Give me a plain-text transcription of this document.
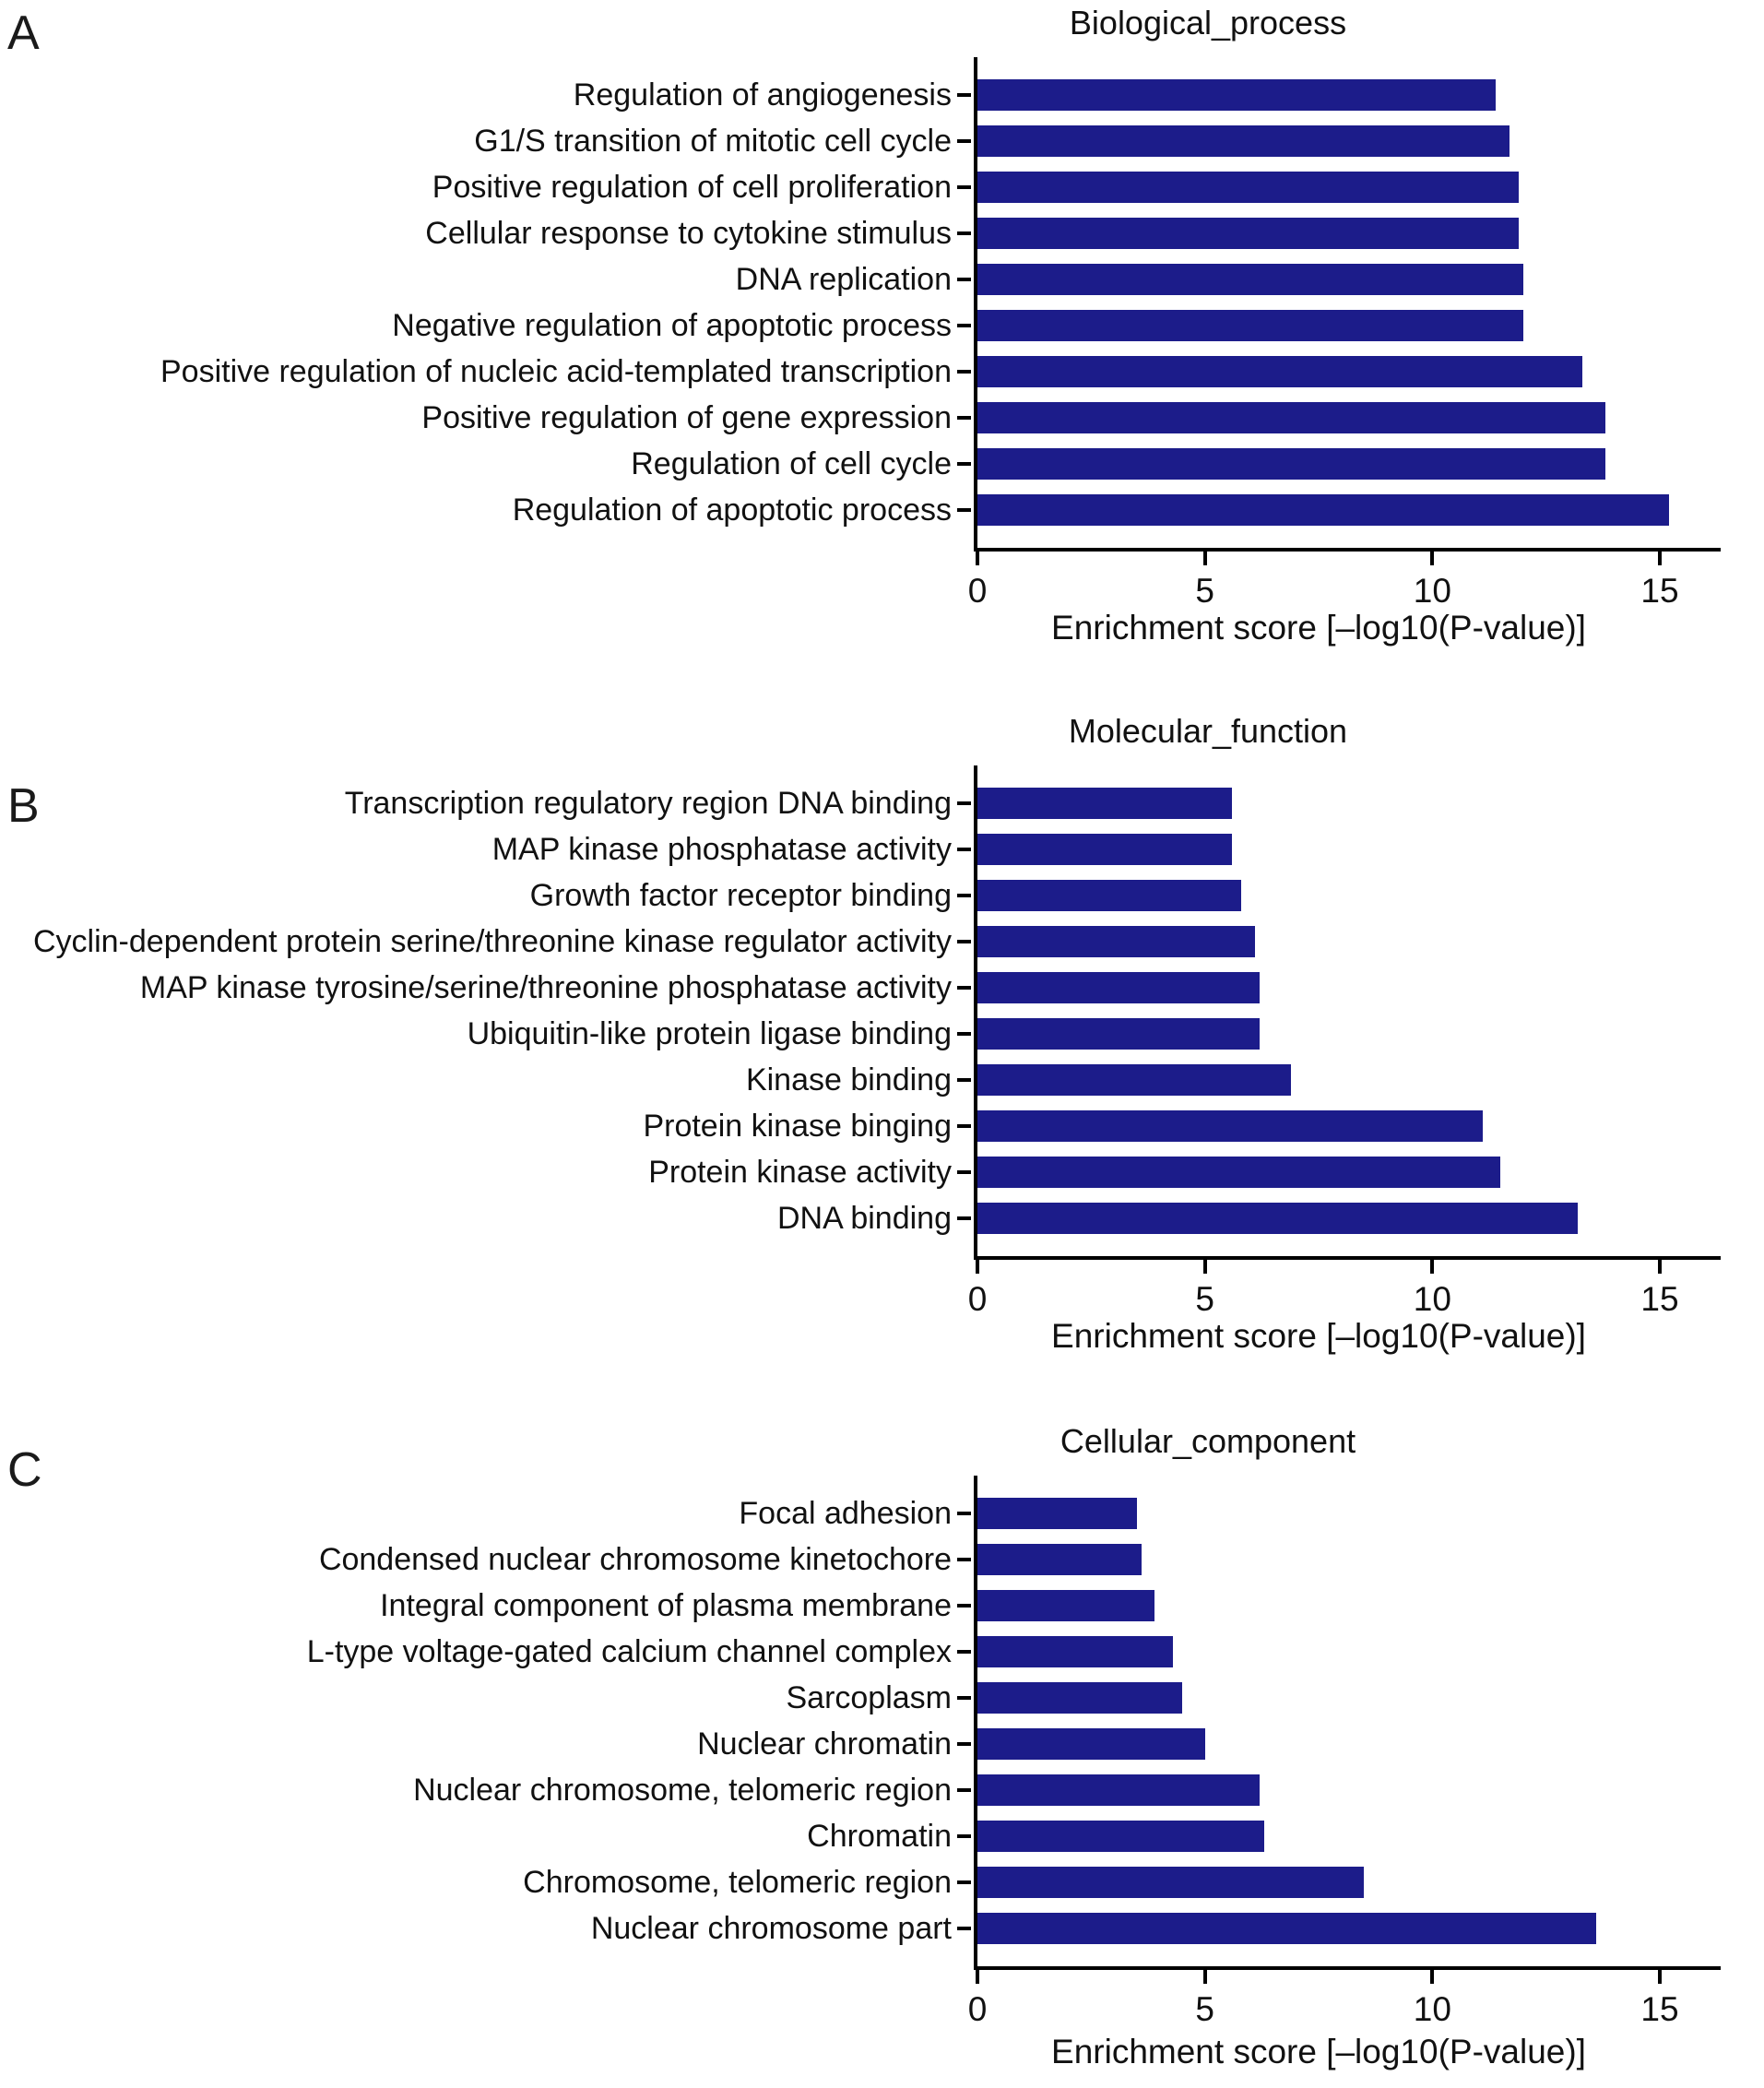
A	Biological_process
Regulation of angiogenesis
G1/S transition of mitotic cell cycle
Positive regulation of cell proliferation
Cellular response to cytokine stimulus
DNA replication
Negative regulation of apoptotic process
Positive regulation of nucleic acid-templated transcription
Positive regulation of gene expression
Regulation of cell cycle
Regulation of apoptotic process
0	5	10	15
Enrichment score [–log10(P-value)]
B
Molecular_function
Transcription regulatory region DNA binding
MAP kinase phosphatase activity
Growth factor receptor binding
Cyclin-dependent protein serine/threonine kinase regulator activity
MAP kinase tyrosine/serine/threonine phosphatase activity
Ubiquitin-like protein ligase binding
Kinase binding
Protein kinase binging
Protein kinase activity
DNA binding
0	5	10	15
Enrichment score [–log10(P-value)]
C
Cellular_component
Focal adhesion
Condensed nuclear chromosome kinetochore
Integral component of plasma membrane
L-type voltage-gated calcium channel complex
Sarcoplasm
Nuclear chromatin
Nuclear chromosome, telomeric region
Chromatin
Chromosome, telomeric region
Nuclear chromosome part
0	5	10	15
Enrichment score [–log10(P-value)]
